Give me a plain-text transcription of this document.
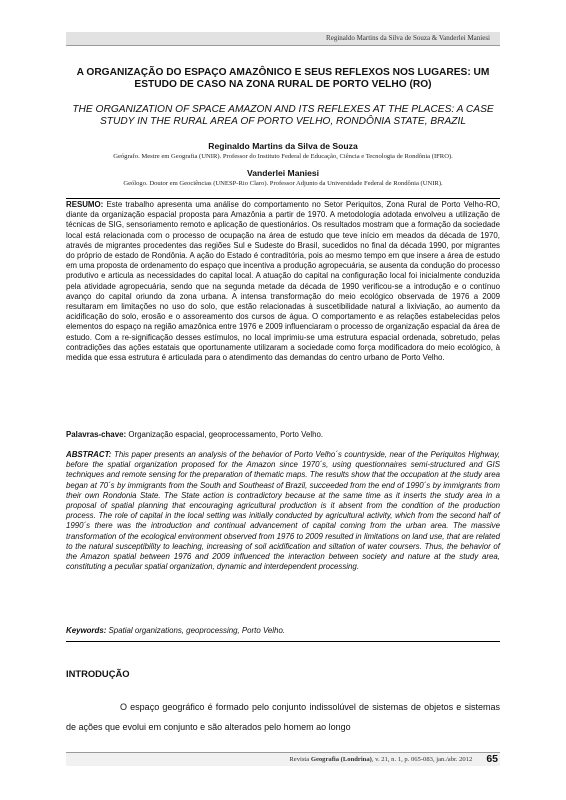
Reginaldo Martins da Silva de Souza & Vanderlei Maniesi
A ORGANIZAÇÃO DO ESPAÇO AMAZÔNICO E SEUS REFLEXOS NOS LUGARES: UM ESTUDO DE CASO NA ZONA RURAL DE PORTO VELHO (RO)
THE ORGANIZATION OF SPACE AMAZON AND ITS REFLEXES AT THE PLACES: A CASE STUDY IN THE RURAL AREA OF PORTO VELHO, RONDÔNIA STATE, BRAZIL
Reginaldo Martins da Silva de Souza
Geógrafo. Mestre em Geografia (UNIR). Professor do Instituto Federal de Educação, Ciência e Tecnologia de Rondônia (IFRO).
Vanderlei Maniesi
Geólogo. Doutor em Geociências (UNESP-Rio Claro). Professor Adjunto da Universidade Federal de Rondônia (UNIR).
RESUMO: Este trabalho apresenta uma análise do comportamento no Setor Periquitos, Zona Rural de Porto Velho-RO, diante da organização espacial proposta para Amazônia a partir de 1970. A metodologia adotada envolveu a utilização de técnicas de SIG, sensoriamento remoto e aplicação de questionários. Os resultados mostram que a formação da sociedade local está relacionada com o processo de ocupação na área de estudo que teve início em meados da década de 1970, através de migrantes procedentes das regiões Sul e Sudeste do Brasil, sucedidos no final da década 1990, por migrantes do próprio de estado de Rondônia. A ação do Estado é contraditória, pois ao mesmo tempo em que insere a área de estudo em uma proposta de ordenamento do espaço que incentiva a produção agropecuária, se ausenta da condução do processo produtivo e articula as necessidades do capital local. A atuação do capital na configuração local foi inicialmente conduzida pela atividade agropecuária, sendo que na segunda metade da década de 1990 verificou-se a introdução e o contínuo avanço do capital oriundo da zona urbana. A intensa transformação do meio ecológico observada de 1976 a 2009 resultaram em limitações no uso do solo, que estão relacionadas à suscetibilidade natural a lixiviação, ao aumento da acidificação do solo, erosão e o assoreamento dos cursos de água. O comportamento e as relações estabelecidas pelos elementos do espaço na região amazônica entre 1976 e 2009 influenciaram o processo de organização espacial da área de estudo. Com a re-significação desses estímulos, no local imprimiu-se uma estrutura espacial ordenada, sobretudo, pelas contradições das ações estatais que oportunamente utilizaram a sociedade como força modificadora do meio ecológico, à medida que essa estrutura é articulada para o atendimento das demandas do centro urbano de Porto Velho.
Palavras-chave: Organização espacial, geoprocessamento, Porto Velho.
ABSTRACT: This paper presents an analysis of the behavior of Porto Velho´s countryside, near of the Periquitos Highway, before the spatial organization proposed for the Amazon since 1970´s, using questionnaires semi-structured and GIS techniques and remote sensing for the preparation of thematic maps. The results show that the occupation at the study area began at 70´s by immigrants from the South and Southeast of Brazil, succeeded from the end of 1990´s by immigrants from their own Rondonia State. The State action is contradictory because at the same time as it inserts the study area in a proposal of spatial planning that encouraging agricultural production is it absent from the condition of the production process. The role of capital in the local setting was initially conducted by agricultural activity, which from the second half of 1990´s there was the introduction and continual advancement of capital coming from the urban area. The massive transformation of the ecological environment observed from 1976 to 2009 resulted in limitations on land use, that are related to the natural susceptibility to leaching, increasing of soil acidification and siltation of water coursers. Thus, the behavior of the Amazon spatial between 1976 and 2009 influenced the interaction between society and nature at the study area, constituting a peculiar spatial organization, dynamic and interdependent processing.
Keywords: Spatial organizations, geoprocessing, Porto Velho.
INTRODUÇÃO
O espaço geográfico é formado pelo conjunto indissolúvel de sistemas de objetos e sistemas de ações que evolui em conjunto e são alterados pelo homem ao longo
Revista Geografia (Londrina), v. 21, n. 1, p. 065-083, jan./abr. 2012 65
